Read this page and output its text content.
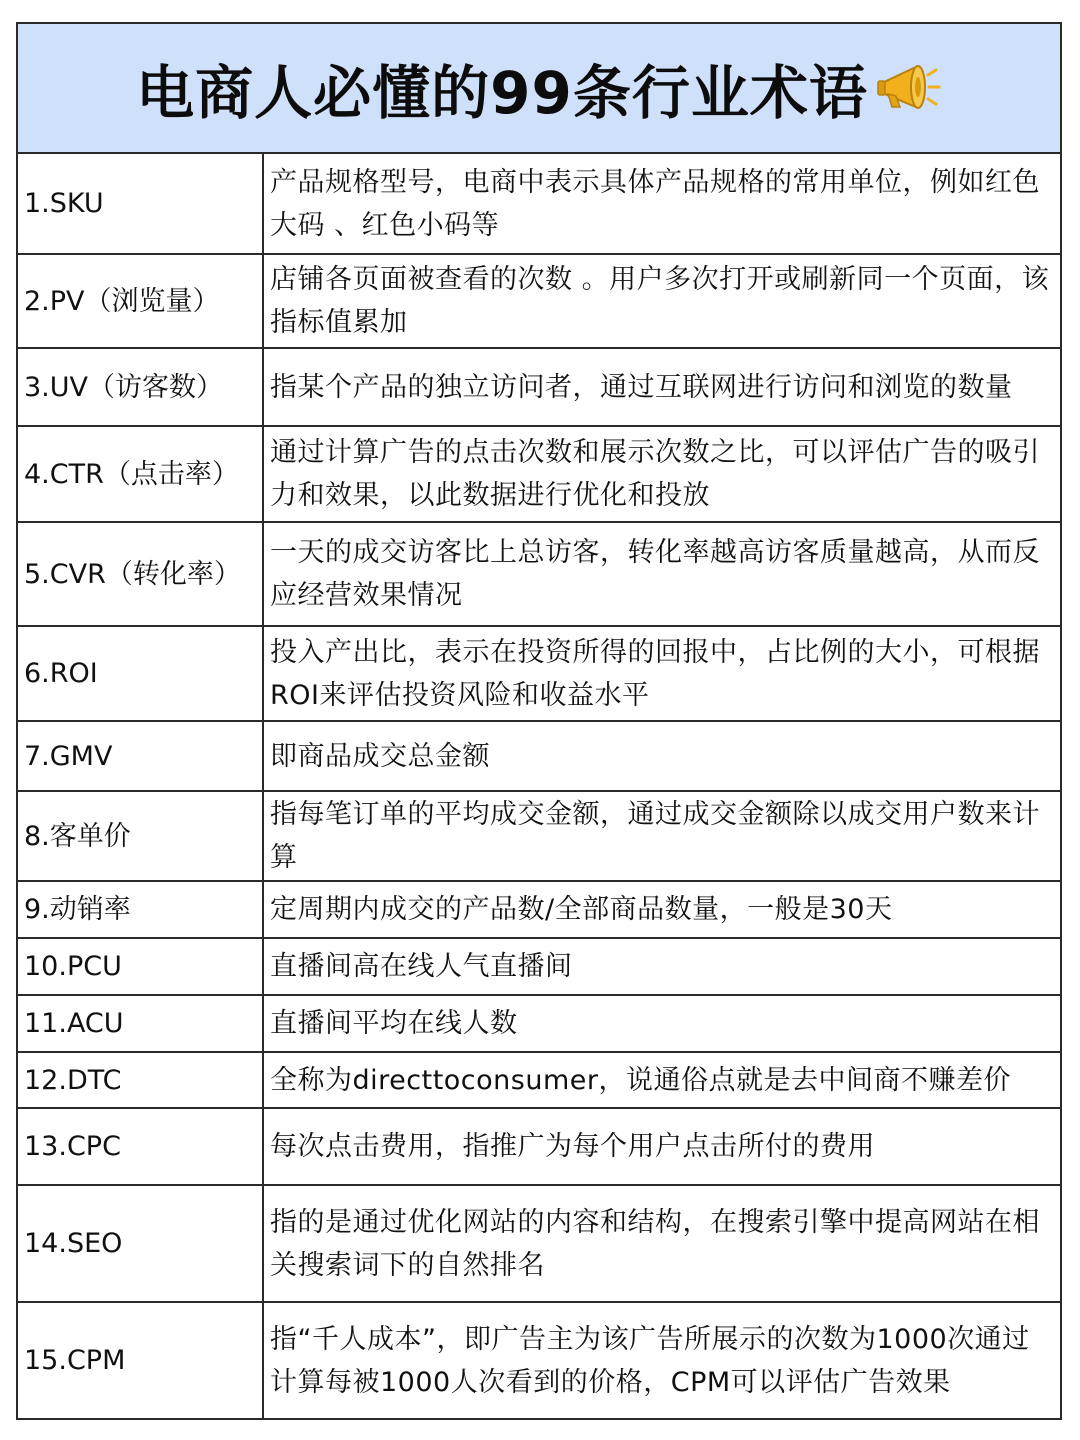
电商人必懂的99条行业术语
1.SKU	产品规格型号，电商中表示具体产品规格的常用单位，例如红色大码 、红色小码等
2.PV（浏览量）	店铺各页面被查看的次数 。用户多次打开或刷新同一个页面，该指标值累加
3.UV（访客数）	指某个产品的独立访问者，通过互联网进行访问和浏览的数量
4.CTR（点击率）	通过计算广告的点击次数和展示次数之比，可以评估广告的吸引力和效果，以此数据进行优化和投放
5.CVR（转化率）	一天的成交访客比上总访客，转化率越高访客质量越高，从而反应经营效果情况
6.ROI	投入产出比，表示在投资所得的回报中，占比例的大小，可根据ROI来评估投资风险和收益水平
7.GMV	即商品成交总金额
8.客单价	指每笔订单的平均成交金额，通过成交金额除以成交用户数来计算
9.动销率	定周期内成交的产品数/全部商品数量，一般是30天
10.PCU	直播间高在线人气直播间
11.ACU	直播间平均在线人数
12.DTC	全称为directtoconsumer，说通俗点就是去中间商不赚差价
13.CPC	每次点击费用，指推广为每个用户点击所付的费用
14.SEO	指的是通过优化网站的内容和结构，在搜索引擎中提高网站在相关搜索词下的自然排名
15.CPM	指“千人成本”，即广告主为该广告所展示的次数为1000次通过计算每被1000人次看到的价格，CPM可以评估广告效果
